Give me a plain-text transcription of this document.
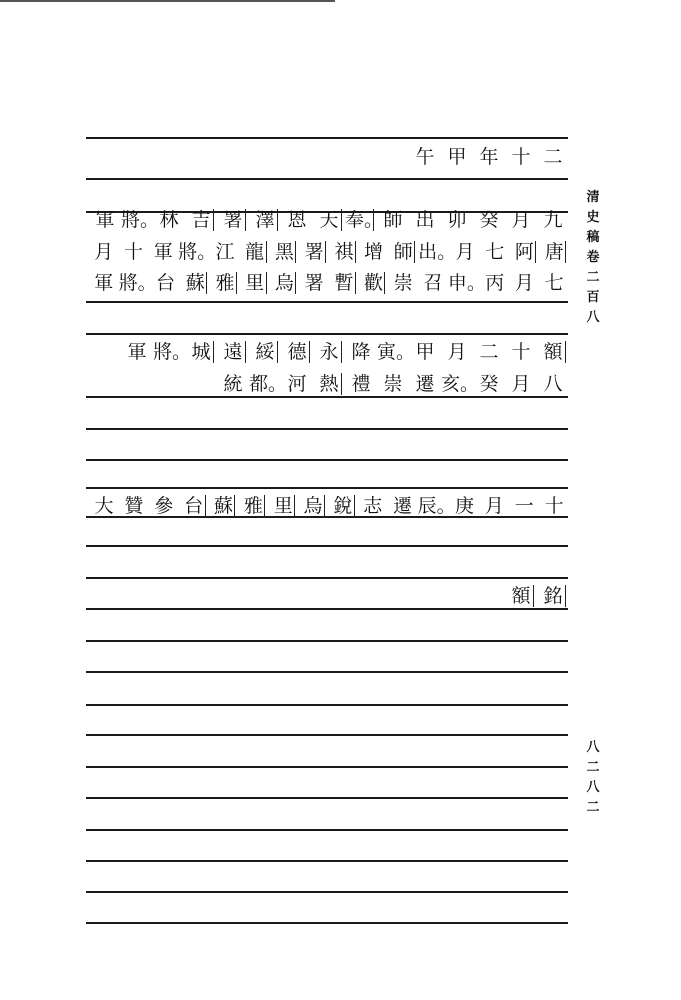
二
十
年
甲
午
九
月
癸
卯
出
師
奉。
天
恩
澤
署
吉
林
將。
軍
唐
阿
七
月
出。
師
增
祺
署
黑
龍
江
將。
軍
十
月
七
月
丙
申。
召
崇
歡
暫
署
烏
里
雅
蘇
台
將。
軍
額
十
二
月
甲
寅。
降
永
德
綏
遠
城
將。
軍
八
月
癸
亥。
遷
崇
禮
熱
河
都。
統
十
一
月
庚
辰。
遷
志
銳
烏
里
雅
蘇
台
參
贊
大
銘
額
清
史
稿
卷
二
百
八
八
二
八
二
